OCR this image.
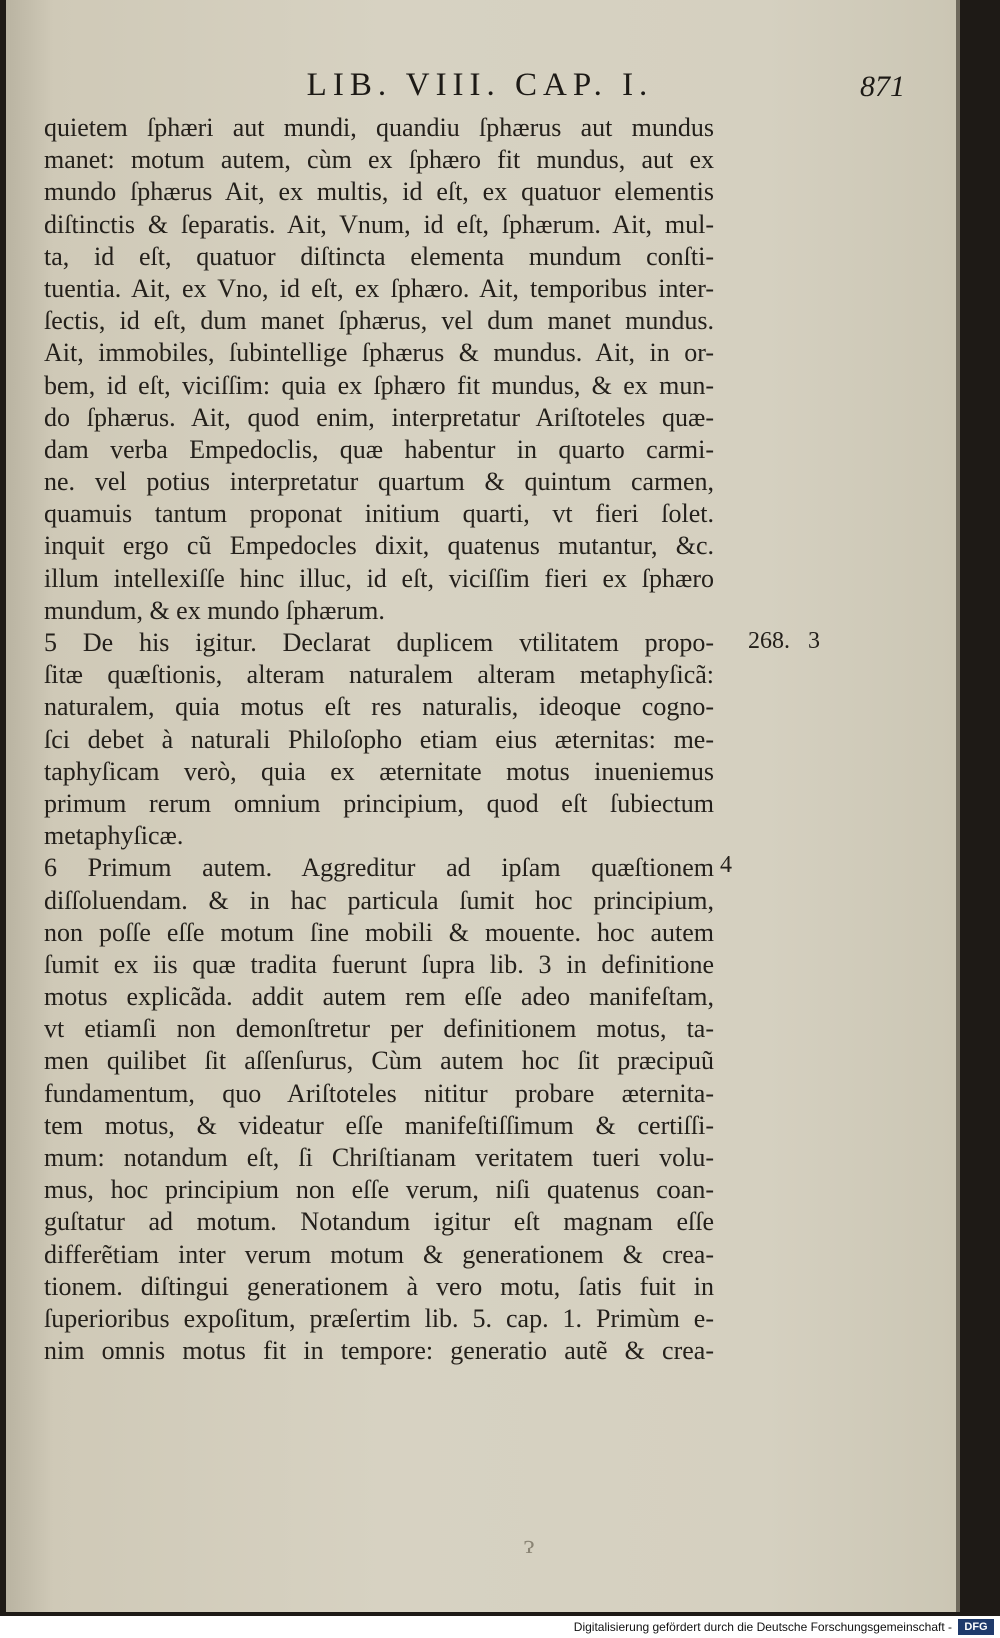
LIB. VIII. CAP. I.	871
quietem ſphæri aut mundi, quandiu ſphærus aut mundus
manet: motum autem, cùm ex ſphæro fit mundus, aut ex
mundo ſphærus Ait, ex multis, id eſt, ex quatuor elementis
diſtinctis & ſeparatis. Ait, Vnum, id eſt, ſphærum. Ait, mul-
ta, id eſt, quatuor diſtincta elementa mundum conſti-
tuentia. Ait, ex Vno, id eſt, ex ſphæro. Ait, temporibus inter-
ſectis, id eſt, dum manet ſphærus, vel dum manet mundus.
Ait, immobiles, ſubintellige ſphærus & mundus. Ait, in or-
bem, id eſt, viciſſim: quia ex ſphæro fit mundus, & ex mun-
do ſphærus. Ait, quod enim, interpretatur Ariſtoteles quæ-
dam verba Empedoclis, quæ habentur in quarto carmi-
ne. vel potius interpretatur quartum & quintum carmen,
quamuis tantum proponat initium quarti, vt fieri ſolet.
inquit ergo cũ Empedocles dixit, quatenus mutantur, &c.
illum intellexiſſe hinc illuc, id eſt, viciſſim fieri ex ſphæro
mundum, & ex mundo ſphærum.
5 De his igitur. Declarat duplicem vtilitatem propo-
ſitæ quæſtionis, alteram naturalem alteram metaphyſicã:
naturalem, quia motus eſt res naturalis, ideoque cogno-
ſci debet à naturali Philoſopho etiam eius æternitas: me-
taphyſicam verò, quia ex æternitate motus inueniemus
primum rerum omnium principium, quod eſt ſubiectum
metaphyſicæ.
6 Primum autem. Aggreditur ad ipſam quæſtionem
diſſoluendam. & in hac particula ſumit hoc principium,
non poſſe eſſe motum ſine mobili & mouente. hoc autem
ſumit ex iis quæ tradita fuerunt ſupra lib. 3 in definitione
motus explicãda. addit autem rem eſſe adeo manifeſtam,
vt etiamſi non demonſtretur per definitionem motus, ta-
men quilibet ſit aſſenſurus, Cùm autem hoc ſit præcipuũ
fundamentum, quo Ariſtoteles nititur probare æternita-
tem motus, & videatur eſſe manifeſtiſſimum & certiſſi-
mum: notandum eſt, ſi Chriſtianam veritatem tueri volu-
mus, hoc principium non eſſe verum, niſi quatenus coan-
guſtatur ad motum. Notandum igitur eſt magnam eſſe
differẽtiam inter verum motum & generationem & crea-
tionem. diſtingui generationem à vero motu, ſatis fuit in
ſuperioribus expoſitum, præſertim lib. 5. cap. 1. Primùm e-
nim omnis motus fit in tempore: generatio autẽ & crea-
268. 3
4
ɂ
Digitalisierung gefördert durch die Deutsche Forschungsgemeinschaft -	DFG
